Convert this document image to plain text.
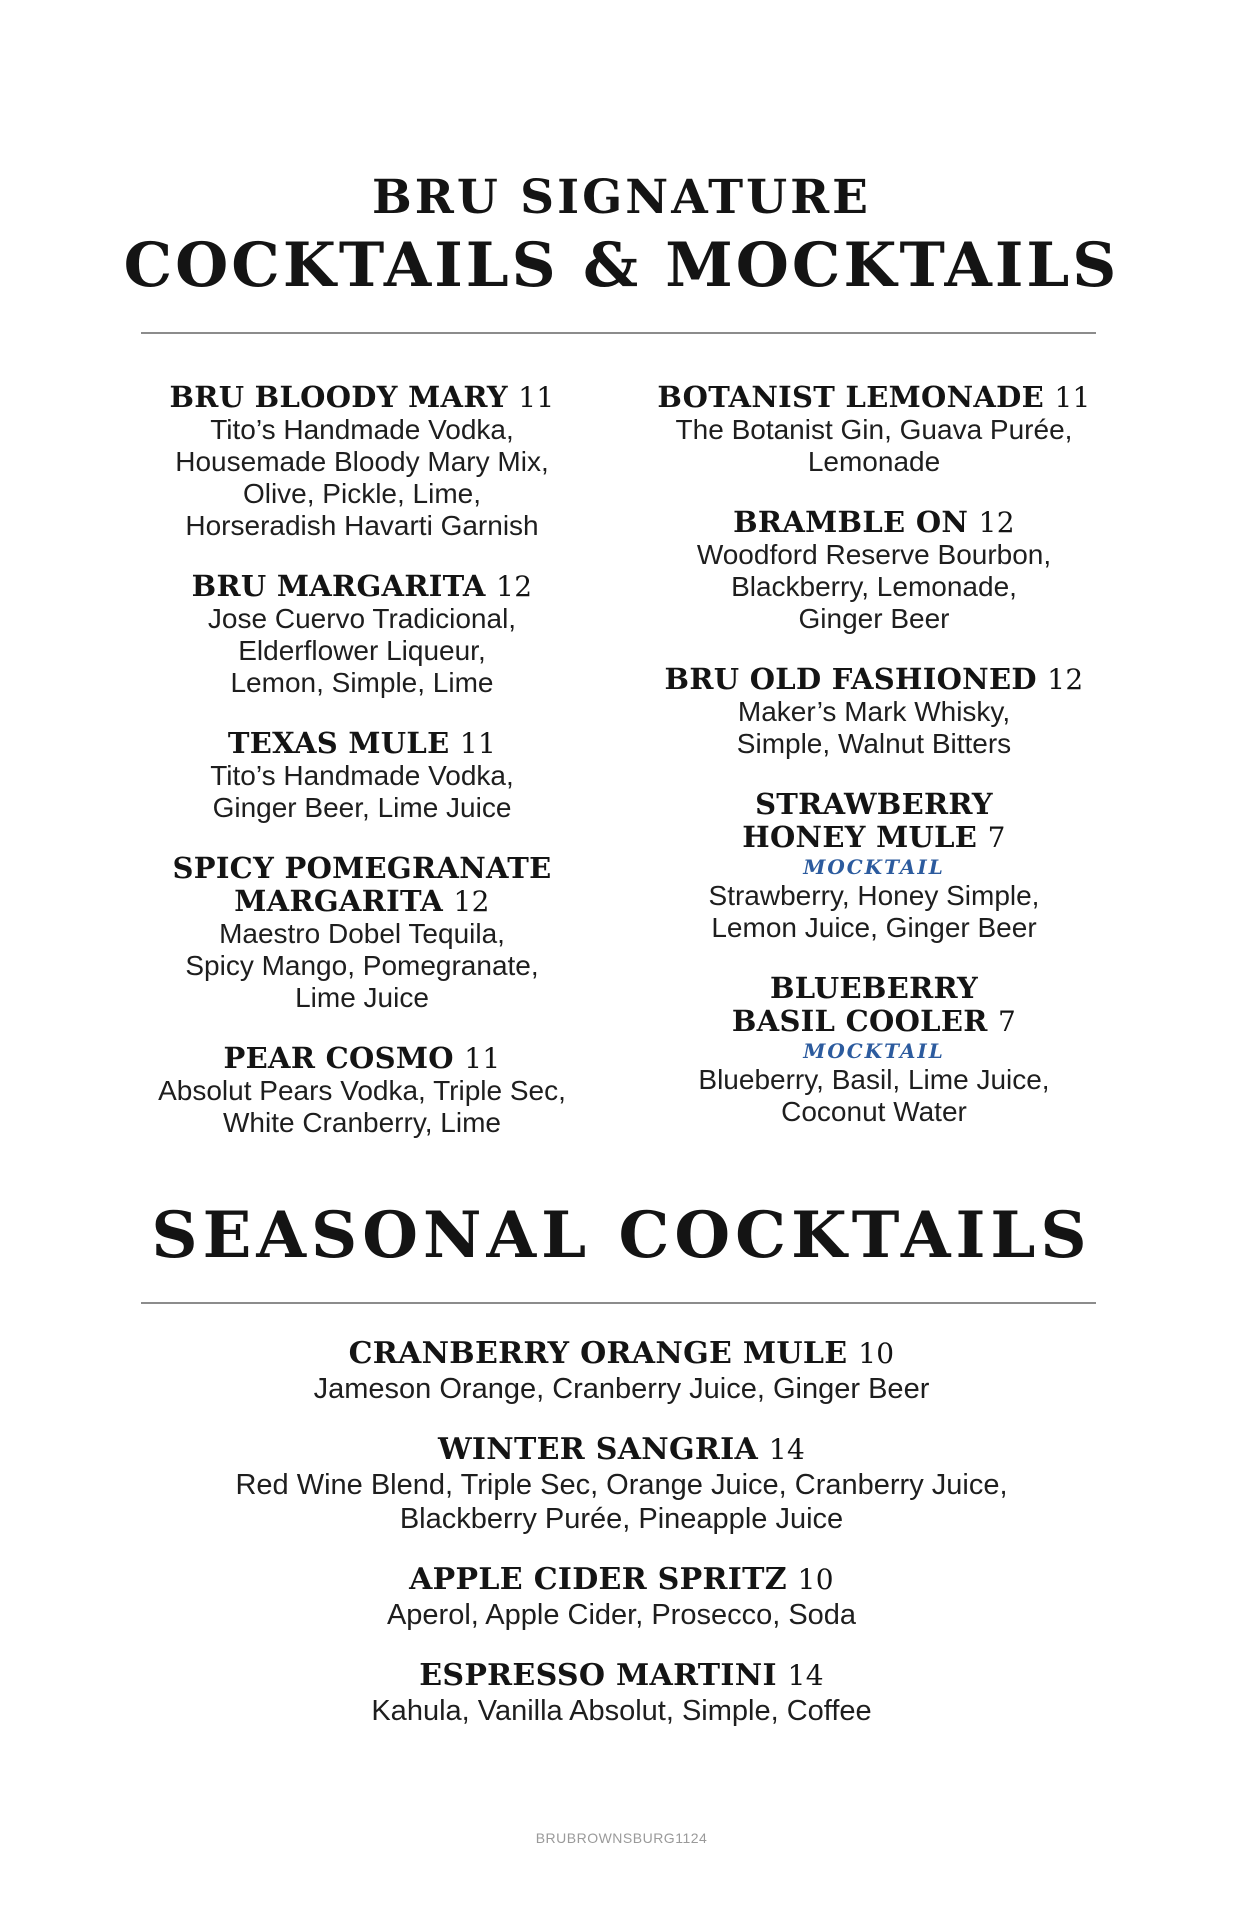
BRU SIGNATURE

COCKTAILS & MOCKTAILS

BRU BLOODY MARY 11
Tito’s Handmade Vodka,
Housemade Bloody Mary Mix,
Olive, Pickle, Lime,
Horseradish Havarti Garnish
BRU MARGARITA 12
Jose Cuervo Tradicional,
Elderflower Liqueur,
Lemon, Simple, Lime
TEXAS MULE 11
Tito’s Handmade Vodka,
Ginger Beer, Lime Juice
SPICY POMEGRANATE
MARGARITA 12
Maestro Dobel Tequila,
Spicy Mango, Pomegranate,
Lime Juice
PEAR COSMO 11
Absolut Pears Vodka, Triple Sec,
White Cranberry, Lime
BOTANIST LEMONADE 11
The Botanist Gin, Guava Purée,
Lemonade
BRAMBLE ON 12
Woodford Reserve Bourbon,
Blackberry, Lemonade,
Ginger Beer
BRU OLD FASHIONED 12
Maker’s Mark Whisky,
Simple, Walnut Bitters
STRAWBERRY
HONEY MULE 7
MOCKTAIL
Strawberry, Honey Simple,
Lemon Juice, Ginger Beer
BLUEBERRY
BASIL COOLER 7
MOCKTAIL
Blueberry, Basil, Lime Juice,
Coconut Water

SEASONAL COCKTAILS

CRANBERRY ORANGE MULE 10
Jameson Orange, Cranberry Juice, Ginger Beer
WINTER SANGRIA 14
Red Wine Blend, Triple Sec, Orange Juice, Cranberry Juice,
Blackberry Purée, Pineapple Juice
APPLE CIDER SPRITZ 10
Aperol, Apple Cider, Prosecco, Soda
ESPRESSO MARTINI 14
Kahula, Vanilla Absolut, Simple, Coffee
BRUBROWNSBURG1124
